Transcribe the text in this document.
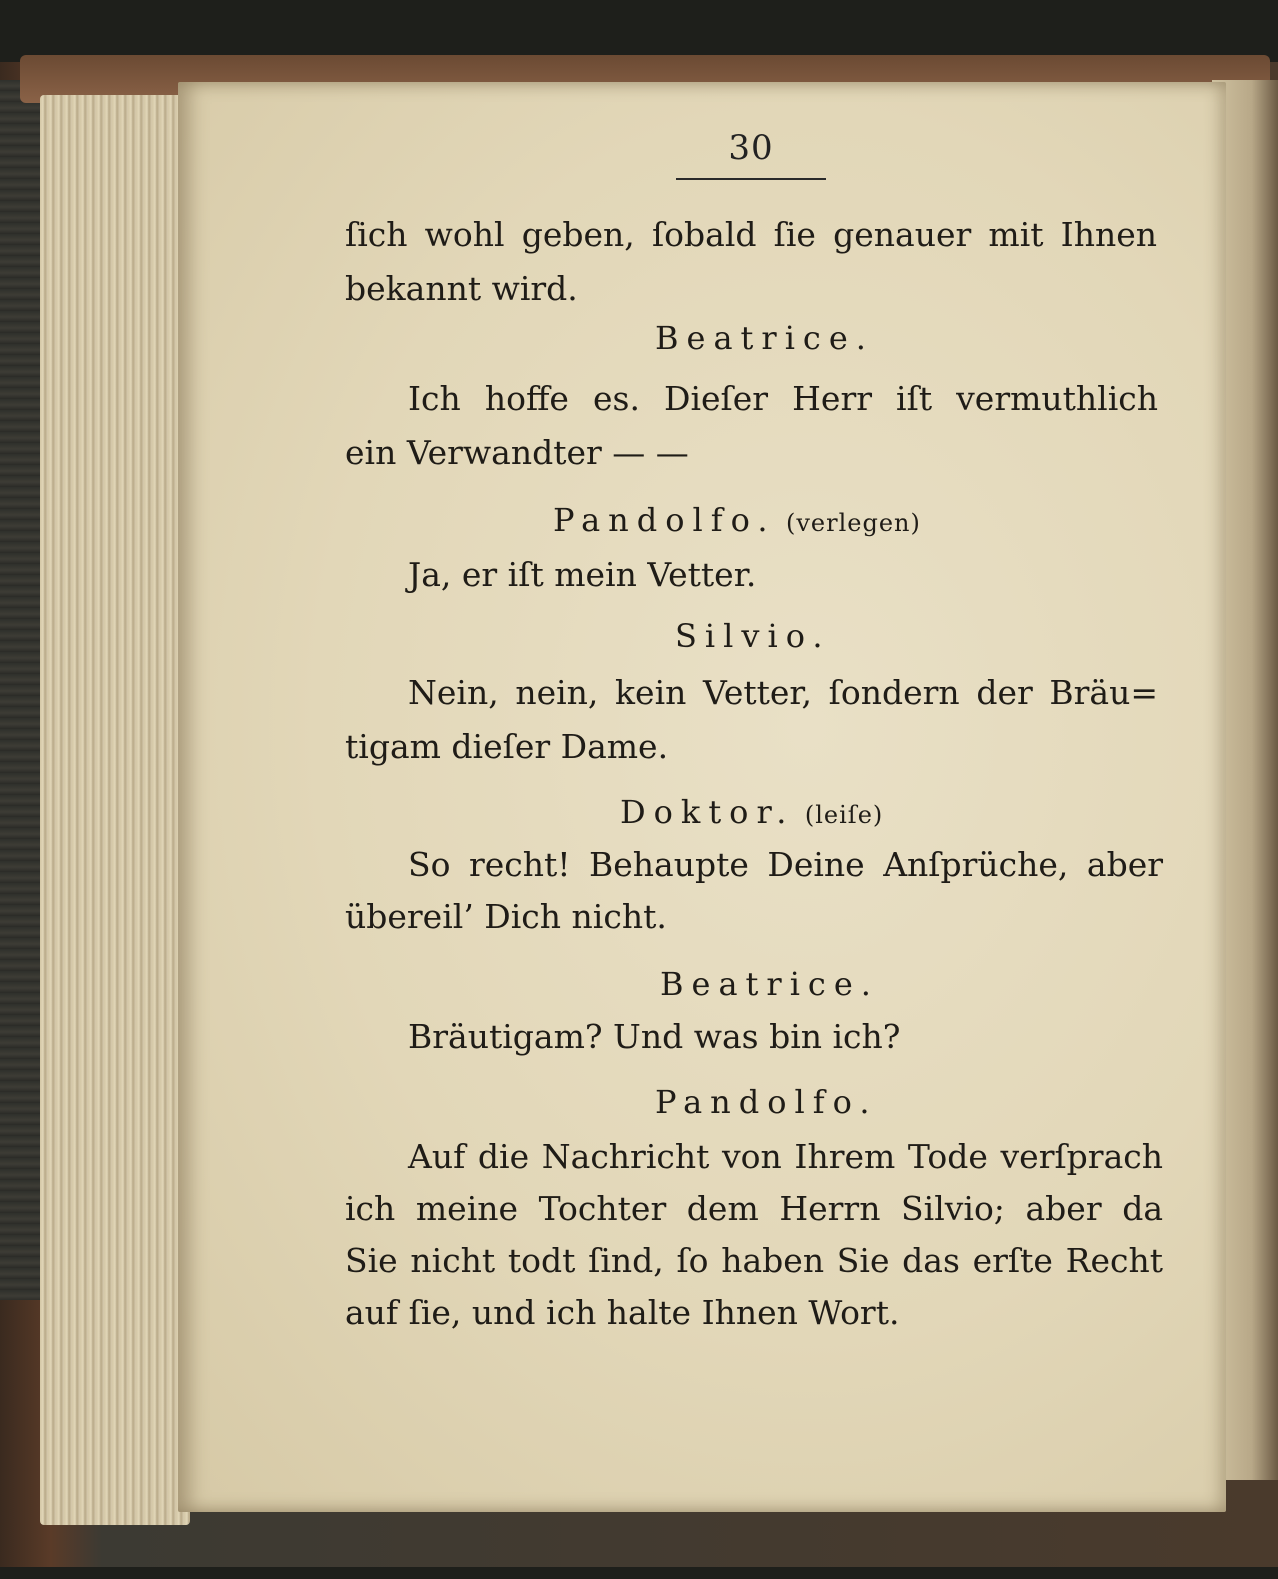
30
ſich wohl geben, ſobald ſie genauer mit Ihnen
bekannt wird.
Beatrice.
Ich hoffe es. Dieſer Herr iſt vermuthlich
ein Verwandter — —
Pandolfo. (verlegen)
Ja, er iſt mein Vetter.
Silvio.
Nein, nein, kein Vetter, ſondern der Bräu=
tigam dieſer Dame.
Doktor. (leiſe)
So recht! Behaupte Deine Anſprüche, aber
übereil’ Dich nicht.
Beatrice.
Bräutigam? Und was bin ich?
Pandolfo.
Auf die Nachricht von Ihrem Tode verſprach
ich meine Tochter dem Herrn Silvio; aber da
Sie nicht todt ſind, ſo haben Sie das erſte Recht
auf ſie, und ich halte Ihnen Wort.
